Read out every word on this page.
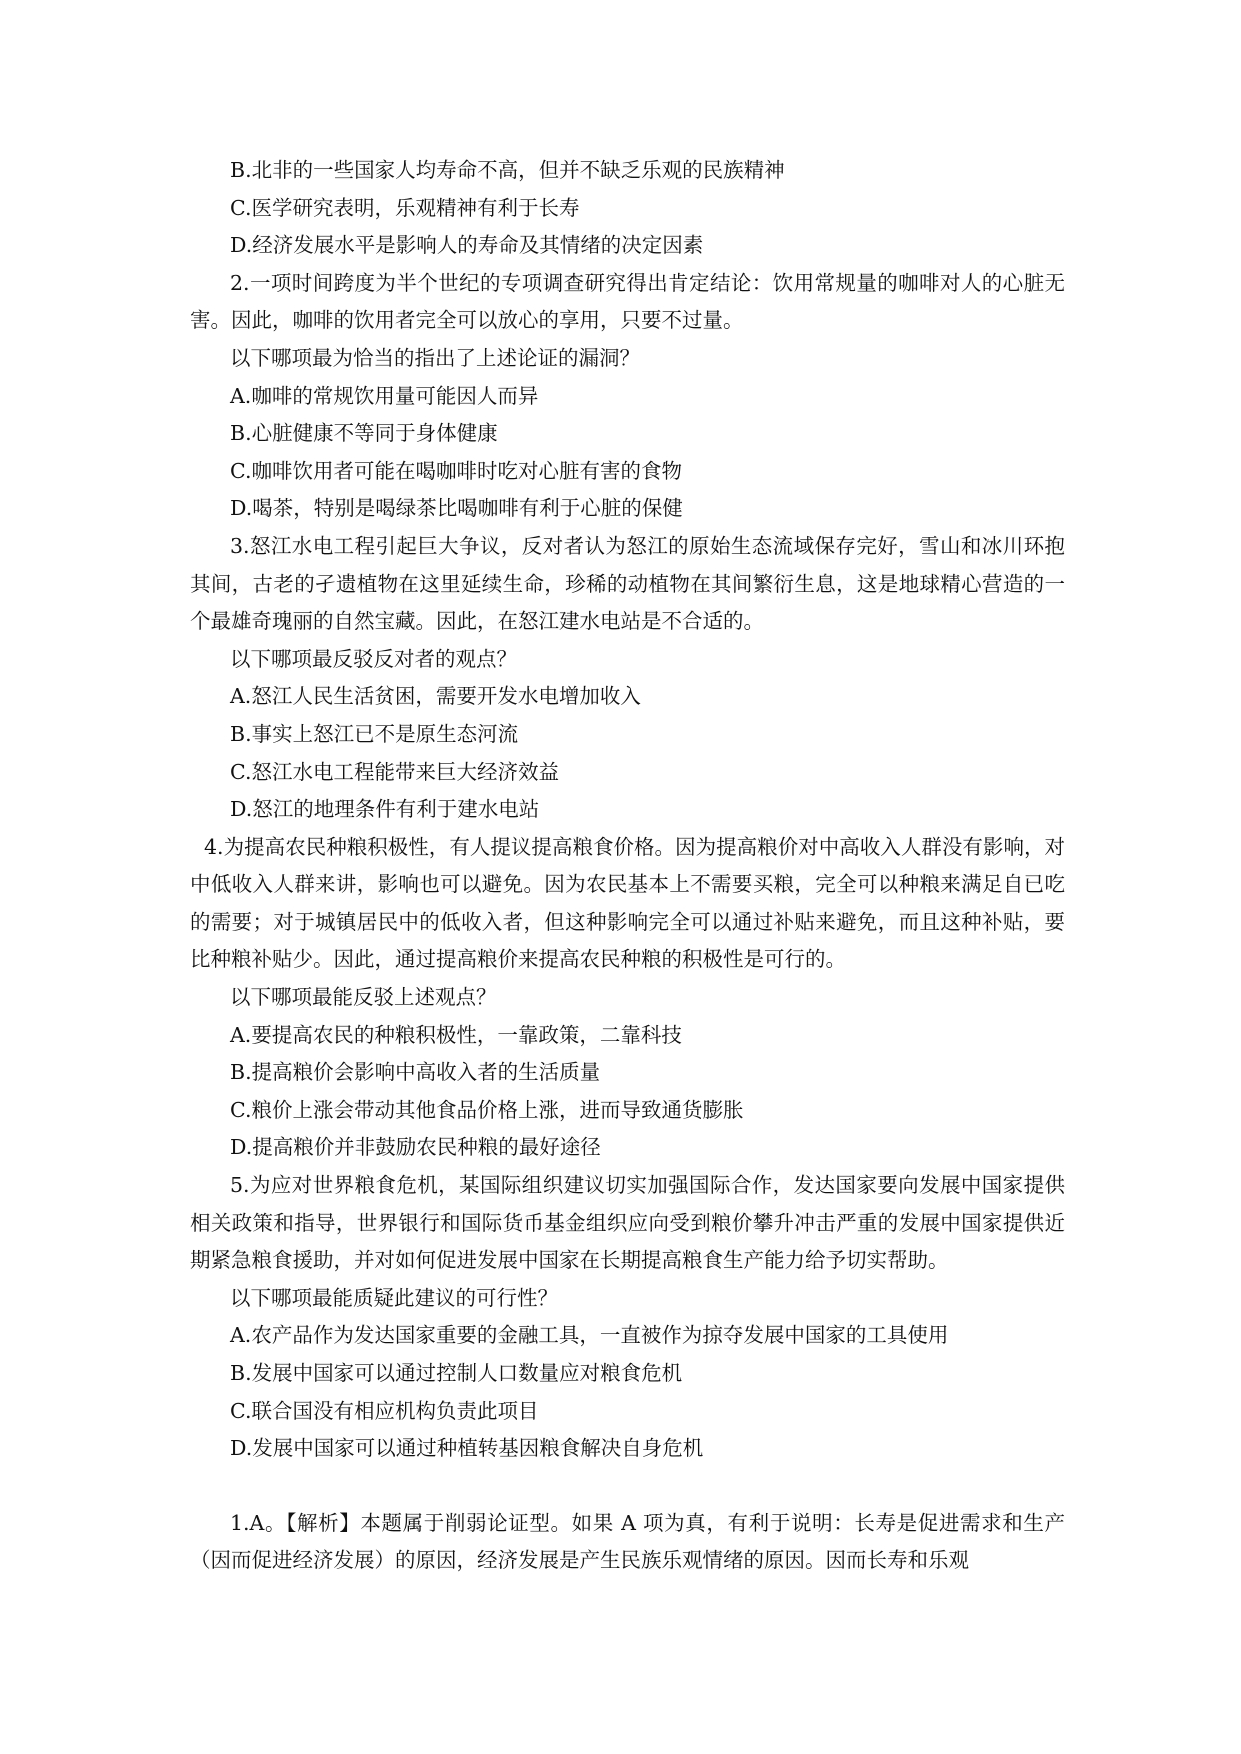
B.北非的一些国家人均寿命不高，但并不缺乏乐观的民族精神

C.医学研究表明，乐观精神有利于长寿

D.经济发展水平是影响人的寿命及其情绪的决定因素

2.一项时间跨度为半个世纪的专项调查研究得出肯定结论：饮用常规量的咖啡对人的心脏无害。因此，咖啡的饮用者完全可以放心的享用，只要不过量。

以下哪项最为恰当的指出了上述论证的漏洞？

A.咖啡的常规饮用量可能因人而异

B.心脏健康不等同于身体健康

C.咖啡饮用者可能在喝咖啡时吃对心脏有害的食物

D.喝茶，特别是喝绿茶比喝咖啡有利于心脏的保健

3.怒江水电工程引起巨大争议，反对者认为怒江的原始生态流域保存完好，雪山和冰川环抱其间，古老的孑遗植物在这里延续生命，珍稀的动植物在其间繁衍生息，这是地球精心营造的一个最雄奇瑰丽的自然宝藏。因此，在怒江建水电站是不合适的。

以下哪项最反驳反对者的观点？

A.怒江人民生活贫困，需要开发水电增加收入

B.事实上怒江已不是原生态河流

C.怒江水电工程能带来巨大经济效益

D.怒江的地理条件有利于建水电站

4.为提高农民种粮积极性，有人提议提高粮食价格。因为提高粮价对中高收入人群没有影响，对中低收入人群来讲，影响也可以避免。因为农民基本上不需要买粮，完全可以种粮来满足自已吃的需要；对于城镇居民中的低收入者，但这种影响完全可以通过补贴来避免，而且这种补贴，要比种粮补贴少。因此，通过提高粮价来提高农民种粮的积极性是可行的。

以下哪项最能反驳上述观点？

A.要提高农民的种粮积极性，一靠政策，二靠科技

B.提高粮价会影响中高收入者的生活质量

C.粮价上涨会带动其他食品价格上涨，进而导致通货膨胀

D.提高粮价并非鼓励农民种粮的最好途径

5.为应对世界粮食危机，某国际组织建议切实加强国际合作，发达国家要向发展中国家提供相关政策和指导，世界银行和国际货币基金组织应向受到粮价攀升冲击严重的发展中国家提供近期紧急粮食援助，并对如何促进发展中国家在长期提高粮食生产能力给予切实帮助。

以下哪项最能质疑此建议的可行性？

A.农产品作为发达国家重要的金融工具，一直被作为掠夺发展中国家的工具使用

B.发展中国家可以通过控制人口数量应对粮食危机

C.联合国没有相应机构负责此项目

D.发展中国家可以通过种植转基因粮食解决自身危机

1.A。【解析】本题属于削弱论证型。如果 A 项为真，有利于说明：长寿是促进需求和生产（因而促进经济发展）的原因，经济发展是产生民族乐观情绪的原因。因而长寿和乐观
